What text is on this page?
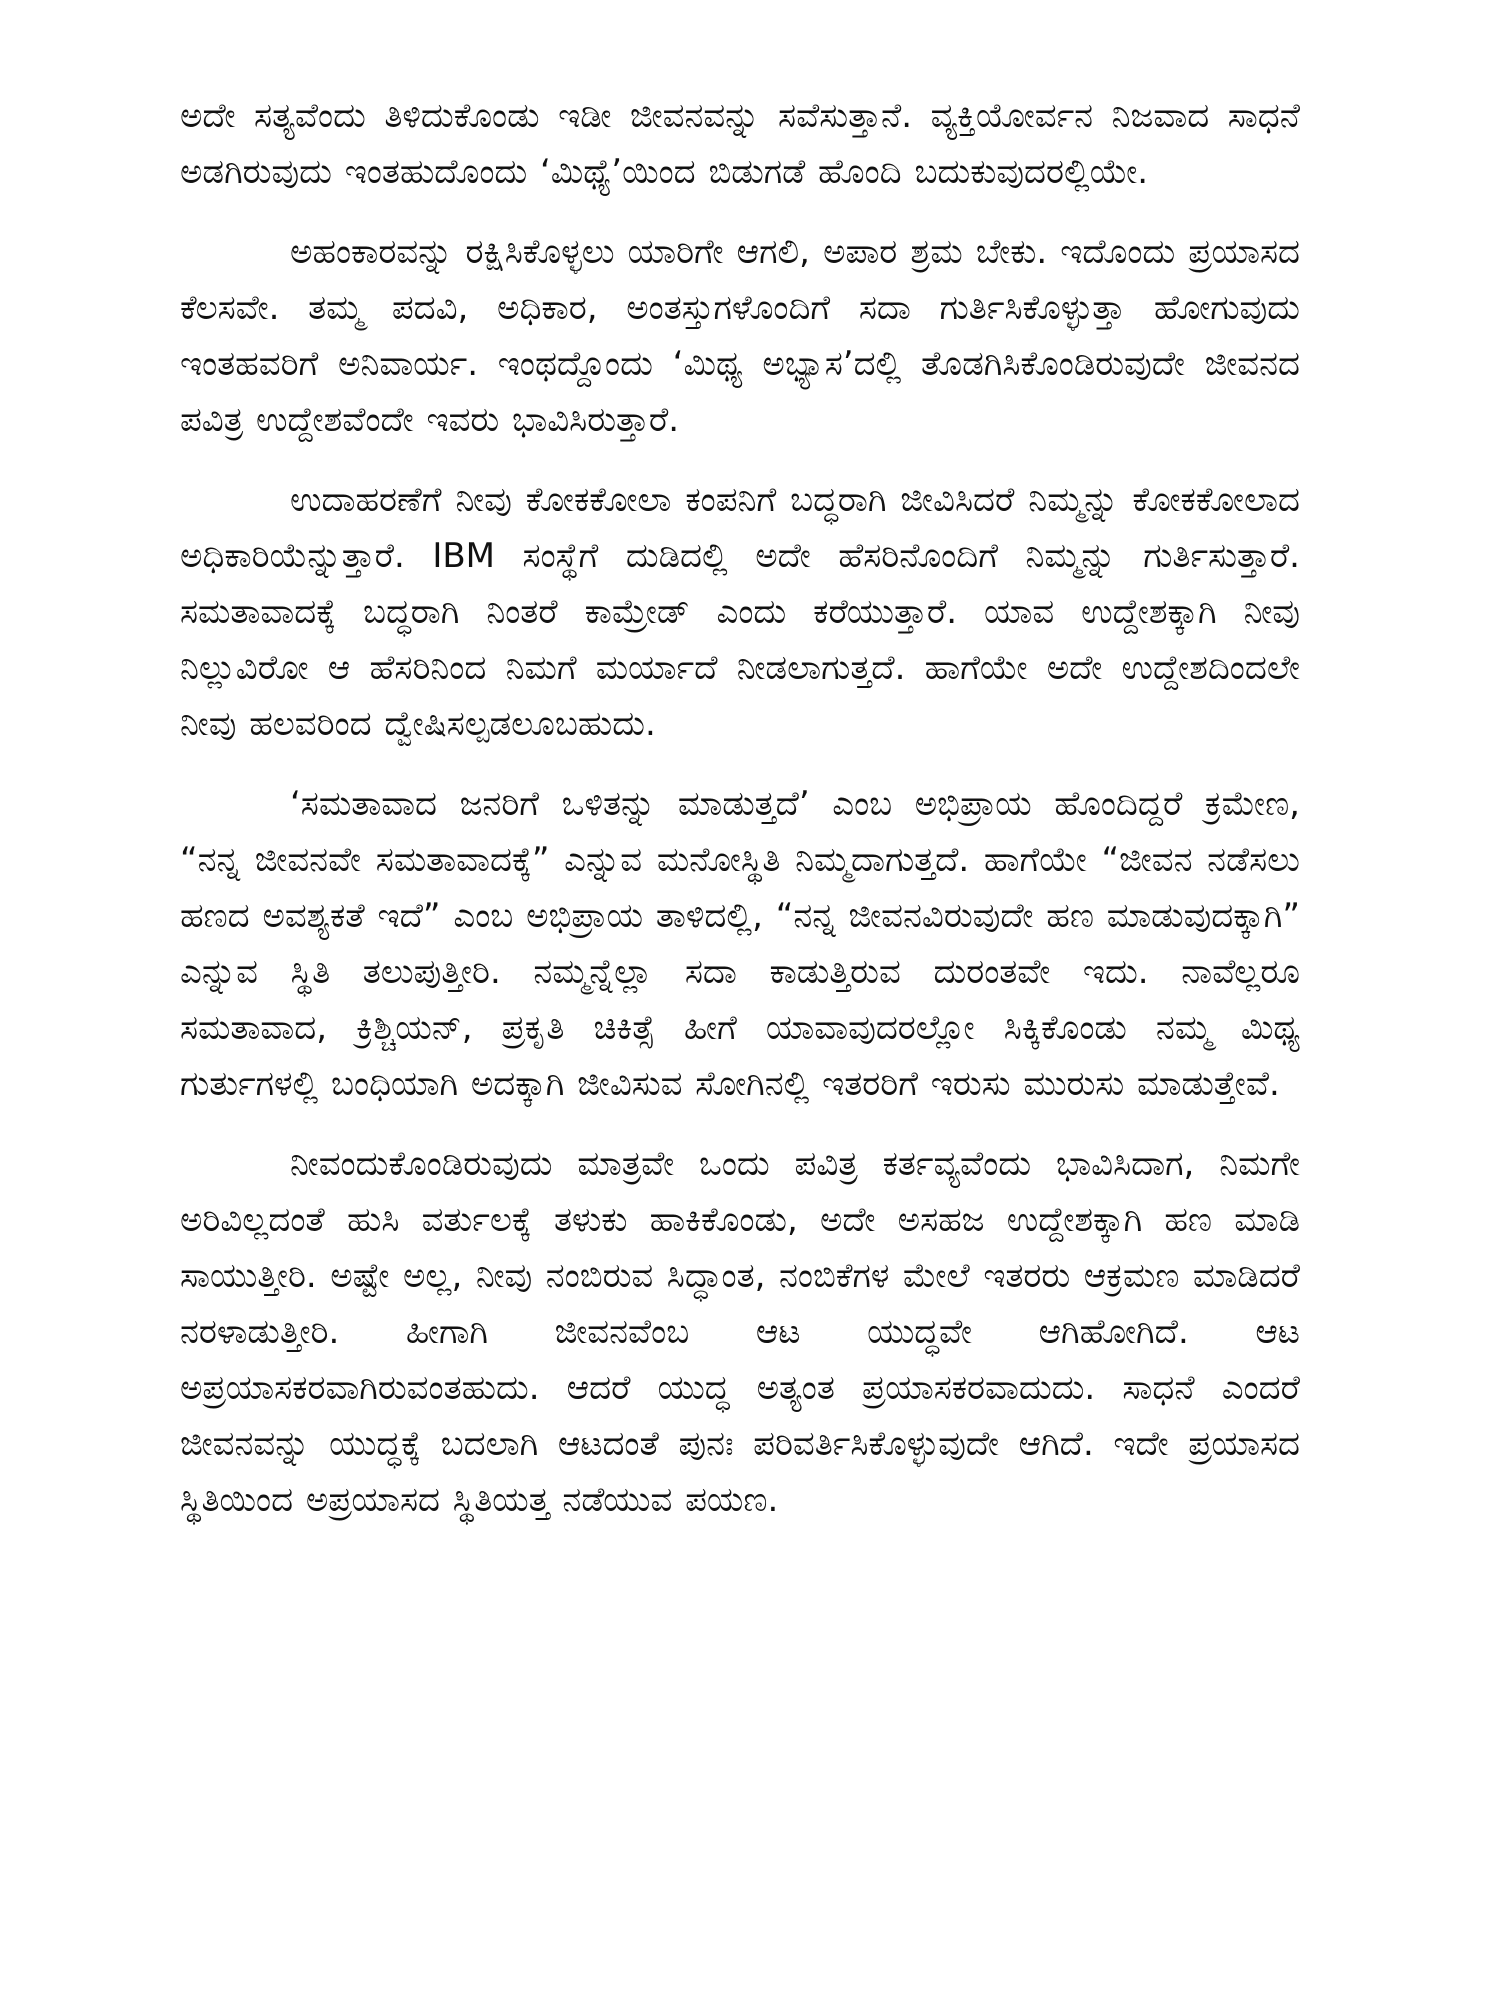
ಅದೇ ಸತ್ಯವೆಂದು ತಿಳಿದುಕೊಂಡು ಇಡೀ ಜೀವನವನ್ನು ಸವೆಸುತ್ತಾನೆ. ವ್ಯಕ್ತಿಯೋರ್ವನ ನಿಜವಾದ ಸಾಧನೆ ಅಡಗಿರುವುದು ಇಂತಹುದೊಂದು ‘ಮಿಥ್ಯೆ’ಯಿಂದ ಬಿಡುಗಡೆ ಹೊಂದಿ ಬದುಕುವುದರಲ್ಲಿಯೇ.

ಅಹಂಕಾರವನ್ನು ರಕ್ಷಿಸಿಕೊಳ್ಳಲು ಯಾರಿಗೇ ಆಗಲಿ, ಅಪಾರ ಶ್ರಮ ಬೇಕು. ಇದೊಂದು ಪ್ರಯಾಸದ ಕೆಲಸವೇ. ತಮ್ಮ ಪದವಿ, ಅಧಿಕಾರ, ಅಂತಸ್ತುಗಳೊಂದಿಗೆ ಸದಾ ಗುರ್ತಿಸಿಕೊಳ್ಳುತ್ತಾ ಹೋಗುವುದು ಇಂತಹವರಿಗೆ ಅನಿವಾರ್ಯ. ಇಂಥದ್ದೊಂದು ‘ಮಿಥ್ಯ ಅಭ್ಯಾಸ’ದಲ್ಲಿ ತೊಡಗಿಸಿಕೊಂಡಿರುವುದೇ ಜೀವನದ ಪವಿತ್ರ ಉದ್ದೇಶವೆಂದೇ ಇವರು ಭಾವಿಸಿರುತ್ತಾರೆ.

ಉದಾಹರಣೆಗೆ ನೀವು ಕೋಕಕೋಲಾ ಕಂಪನಿಗೆ ಬದ್ಧರಾಗಿ ಜೀವಿಸಿದರೆ ನಿಮ್ಮನ್ನು ಕೋಕಕೋಲಾದ ಅಧಿಕಾರಿಯೆನ್ನುತ್ತಾರೆ. IBM ಸಂಸ್ಥೆಗೆ ದುಡಿದಲ್ಲಿ ಅದೇ ಹೆಸರಿನೊಂದಿಗೆ ನಿಮ್ಮನ್ನು ಗುರ್ತಿಸುತ್ತಾರೆ. ಸಮತಾವಾದಕ್ಕೆ ಬದ್ಧರಾಗಿ ನಿಂತರೆ ಕಾಮ್ರೇಡ್ ಎಂದು ಕರೆಯುತ್ತಾರೆ. ಯಾವ ಉದ್ದೇಶಕ್ಕಾಗಿ ನೀವು ನಿಲ್ಲುವಿರೋ ಆ ಹೆಸರಿನಿಂದ ನಿಮಗೆ ಮರ್ಯಾದೆ ನೀಡಲಾಗುತ್ತದೆ. ಹಾಗೆಯೇ ಅದೇ ಉದ್ದೇಶದಿಂದಲೇ ನೀವು ಹಲವರಿಂದ ದ್ವೇಷಿಸಲ್ಪಡಲೂಬಹುದು.

‘ಸಮತಾವಾದ ಜನರಿಗೆ ಒಳಿತನ್ನು ಮಾಡುತ್ತದೆ’ ಎಂಬ ಅಭಿಪ್ರಾಯ ಹೊಂದಿದ್ದರೆ ಕ್ರಮೇಣ, “ನನ್ನ ಜೀವನವೇ ಸಮತಾವಾದಕ್ಕೆ” ಎನ್ನುವ ಮನೋಸ್ಥಿತಿ ನಿಮ್ಮದಾಗುತ್ತದೆ. ಹಾಗೆಯೇ “ಜೀವನ ನಡೆಸಲು ಹಣದ ಅವಶ್ಯಕತೆ ಇದೆ” ಎಂಬ ಅಭಿಪ್ರಾಯ ತಾಳಿದಲ್ಲಿ, “ನನ್ನ ಜೀವನವಿರುವುದೇ ಹಣ ಮಾಡುವುದಕ್ಕಾಗಿ” ಎನ್ನುವ ಸ್ಥಿತಿ ತಲುಪುತ್ತೀರಿ. ನಮ್ಮನ್ನೆಲ್ಲಾ ಸದಾ ಕಾಡುತ್ತಿರುವ ದುರಂತವೇ ಇದು. ನಾವೆಲ್ಲರೂ ಸಮತಾವಾದ, ಕ್ರಿಶ್ಚಿಯನ್, ಪ್ರಕೃತಿ ಚಿಕಿತ್ಸೆ ಹೀಗೆ ಯಾವಾವುದರಲ್ಲೋ ಸಿಕ್ಕಿಕೊಂಡು ನಮ್ಮ ಮಿಥ್ಯ ಗುರ್ತುಗಳಲ್ಲಿ ಬಂಧಿಯಾಗಿ ಅದಕ್ಕಾಗಿ ಜೀವಿಸುವ ಸೋಗಿನಲ್ಲಿ ಇತರರಿಗೆ ಇರುಸು ಮುರುಸು ಮಾಡುತ್ತೇವೆ.

ನೀವಂದುಕೊಂಡಿರುವುದು ಮಾತ್ರವೇ ಒಂದು ಪವಿತ್ರ ಕರ್ತವ್ಯವೆಂದು ಭಾವಿಸಿದಾಗ, ನಿಮಗೇ ಅರಿವಿಲ್ಲದಂತೆ ಹುಸಿ ವರ್ತುಲಕ್ಕೆ ತಳುಕು ಹಾಕಿಕೊಂಡು, ಅದೇ ಅಸಹಜ ಉದ್ದೇಶಕ್ಕಾಗಿ ಹಣ ಮಾಡಿ ಸಾಯುತ್ತೀರಿ. ಅಷ್ಟೇ ಅಲ್ಲ, ನೀವು ನಂಬಿರುವ ಸಿದ್ಧಾಂತ, ನಂಬಿಕೆಗಳ ಮೇಲೆ ಇತರರು ಆಕ್ರಮಣ ಮಾಡಿದರೆ ನರಳಾಡುತ್ತೀರಿ. ಹೀಗಾಗಿ ಜೀವನವೆಂಬ ಆಟ ಯುದ್ಧವೇ ಆಗಿಹೋಗಿದೆ. ಆಟ ಅಪ್ರಯಾಸಕರವಾಗಿರುವಂತಹುದು. ಆದರೆ ಯುದ್ಧ ಅತ್ಯಂತ ಪ್ರಯಾಸಕರವಾದುದು. ಸಾಧನೆ ಎಂದರೆ ಜೀವನವನ್ನು ಯುದ್ಧಕ್ಕೆ ಬದಲಾಗಿ ಆಟದಂತೆ ಪುನಃ ಪರಿವರ್ತಿಸಿಕೊಳ್ಳುವುದೇ ಆಗಿದೆ. ಇದೇ ಪ್ರಯಾಸದ ಸ್ಥಿತಿಯಿಂದ ಅಪ್ರಯಾಸದ ಸ್ಥಿತಿಯತ್ತ ನಡೆಯುವ ಪಯಣ.
